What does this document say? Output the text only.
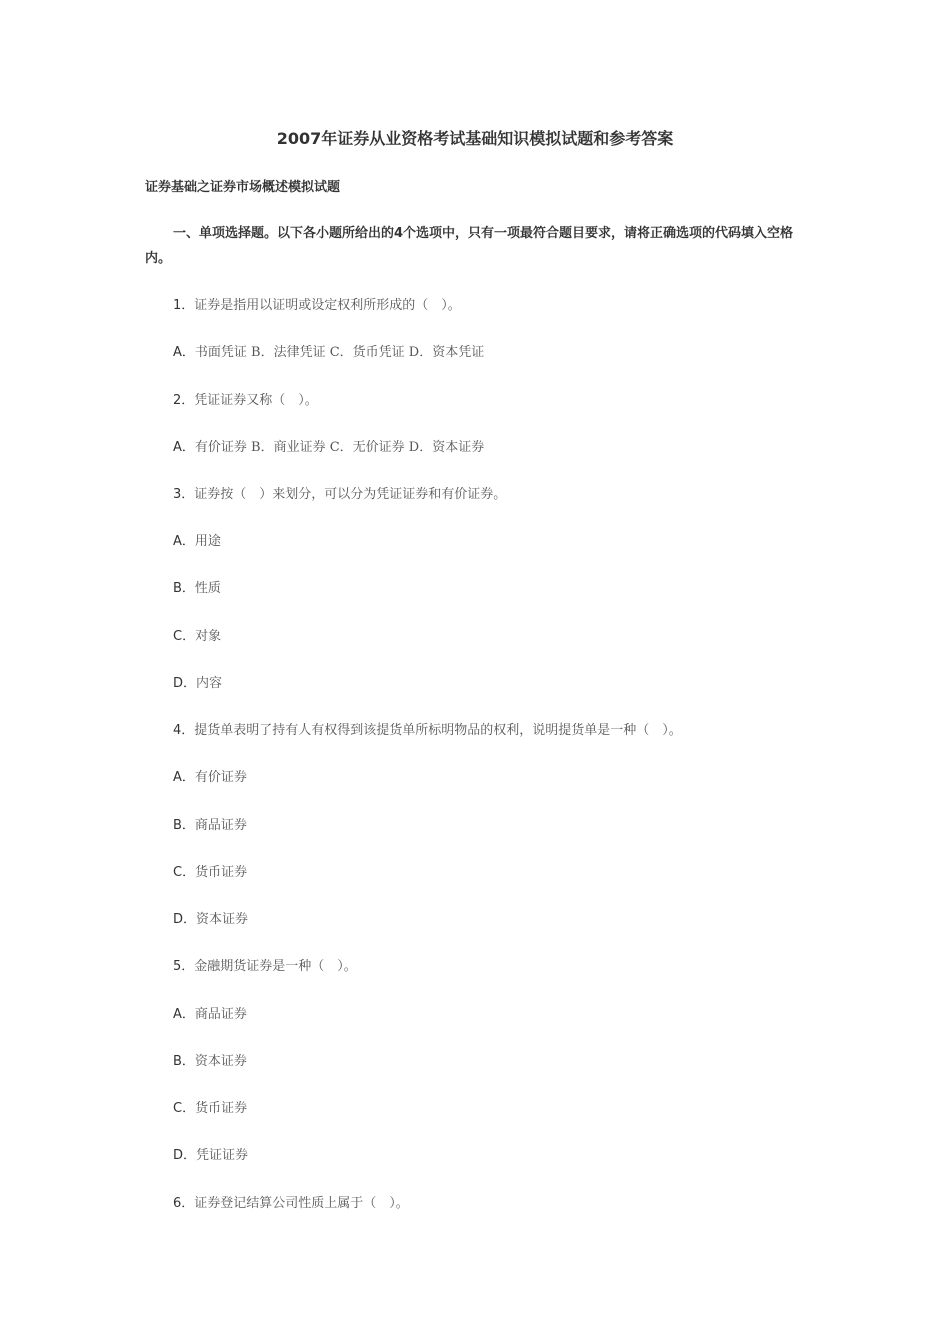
2007年证券从业资格考试基础知识模拟试题和参考答案

证券基础之证券市场概述模拟试题

一、单项选择题。以下各小题所给出的4个选项中，只有一项最符合题目要求，请将正确选项的代码填入空格内。

1．证券是指用以证明或设定权利所形成的（　）。

A．书面凭证 B．法律凭证 C．货币凭证 D．资本凭证

2．凭证证券又称（　）。

A．有价证券 B．商业证券 C．无价证券 D．资本证券

3．证券按（　）来划分，可以分为凭证证券和有价证券。

A．用途

B．性质

C．对象

D．内容

4．提货单表明了持有人有权得到该提货单所标明物品的权利，说明提货单是一种（　）。

A．有价证券

B．商品证券

C．货币证券

D．资本证券

5．金融期货证券是一种（　）。

A．商品证券

B．资本证券

C．货币证券

D．凭证证券

6．证券登记结算公司性质上属于（　）。
